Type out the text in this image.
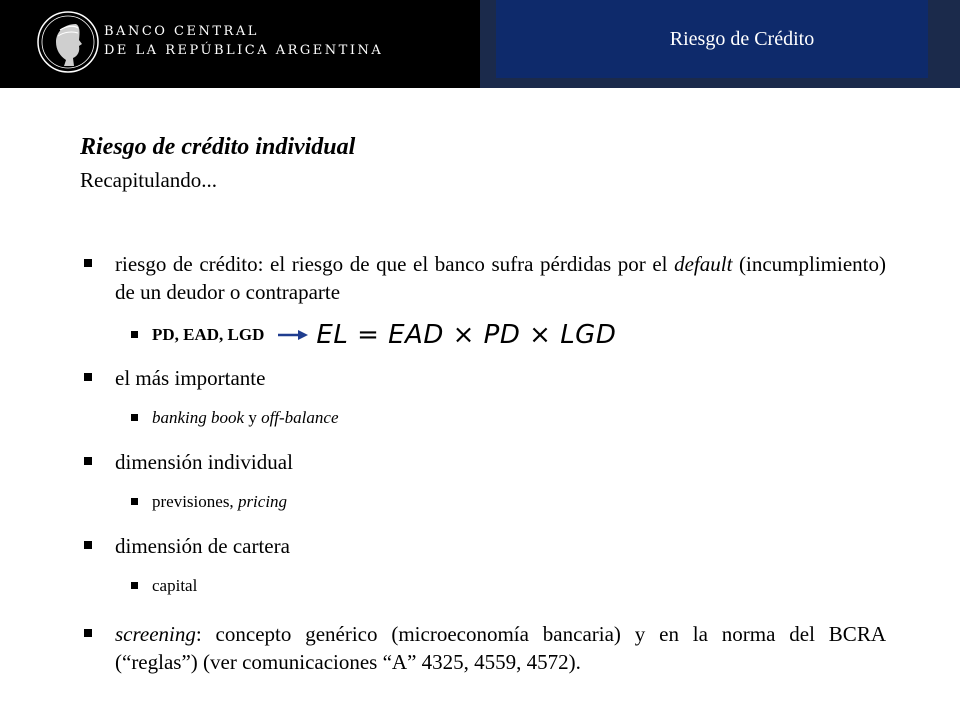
BANCO CENTRAL
DE LA REPÚBLICA ARGENTINA
Riesgo de Crédito
Riesgo de crédito individual
Recapitulando...
riesgo de crédito: el riesgo de que el banco sufra pérdidas por el default (incumplimiento) de un deudor o contraparte
PD, EAD, LGD EL = EAD × PD × LGD
el más importante
banking book y off-balance
dimensión individual
previsiones, pricing
dimensión de cartera
capital
screening: concepto genérico (microeconomía bancaria) y en la norma del BCRA (“reglas”) (ver comunicaciones “A” 4325, 4559, 4572).
